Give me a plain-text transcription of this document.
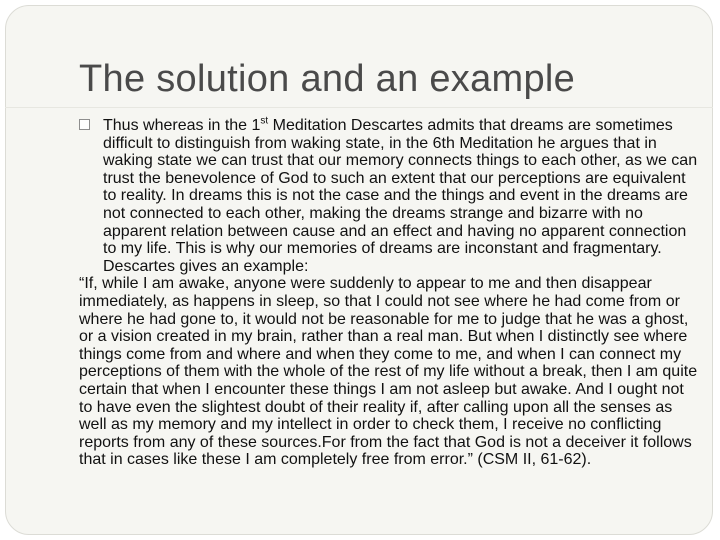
The solution and an example

Thus whereas in the 1st Meditation Descartes admits that dreams are sometimes difficult to distinguish from waking state, in the 6th Meditation he argues that in waking state we can trust that our memory connects things to each other, as we can trust the benevolence of God to such an extent that our perceptions are equivalent to reality. In dreams this is not the case and the things and event in the dreams are not connected to each other, making the dreams strange and bizarre with no apparent relation between cause and an effect and having no apparent connection to my life. This is why our memories of dreams are inconstant and fragmentary. Descartes gives an example:

“If, while I am awake, anyone were suddenly to appear to me and then disappear immediately, as happens in sleep, so that I could not see where he had come from or where he had gone to, it would not be reasonable for me to judge that he was a ghost, or a vision created in my brain, rather than a real man. But when I distinctly see where things come from and where and when they come to me, and when I can connect my perceptions of them with the whole of the rest of my life without a break, then I am quite certain that when I encounter these things I am not asleep but awake. And I ought not to have even the slightest doubt of their reality if, after calling upon all the senses as well as my memory and my intellect in order to check them, I receive no conflicting reports from any of these sources.For from the fact that God is not a deceiver it follows that in cases like these I am completely free from error.” (CSM II, 61-62).
